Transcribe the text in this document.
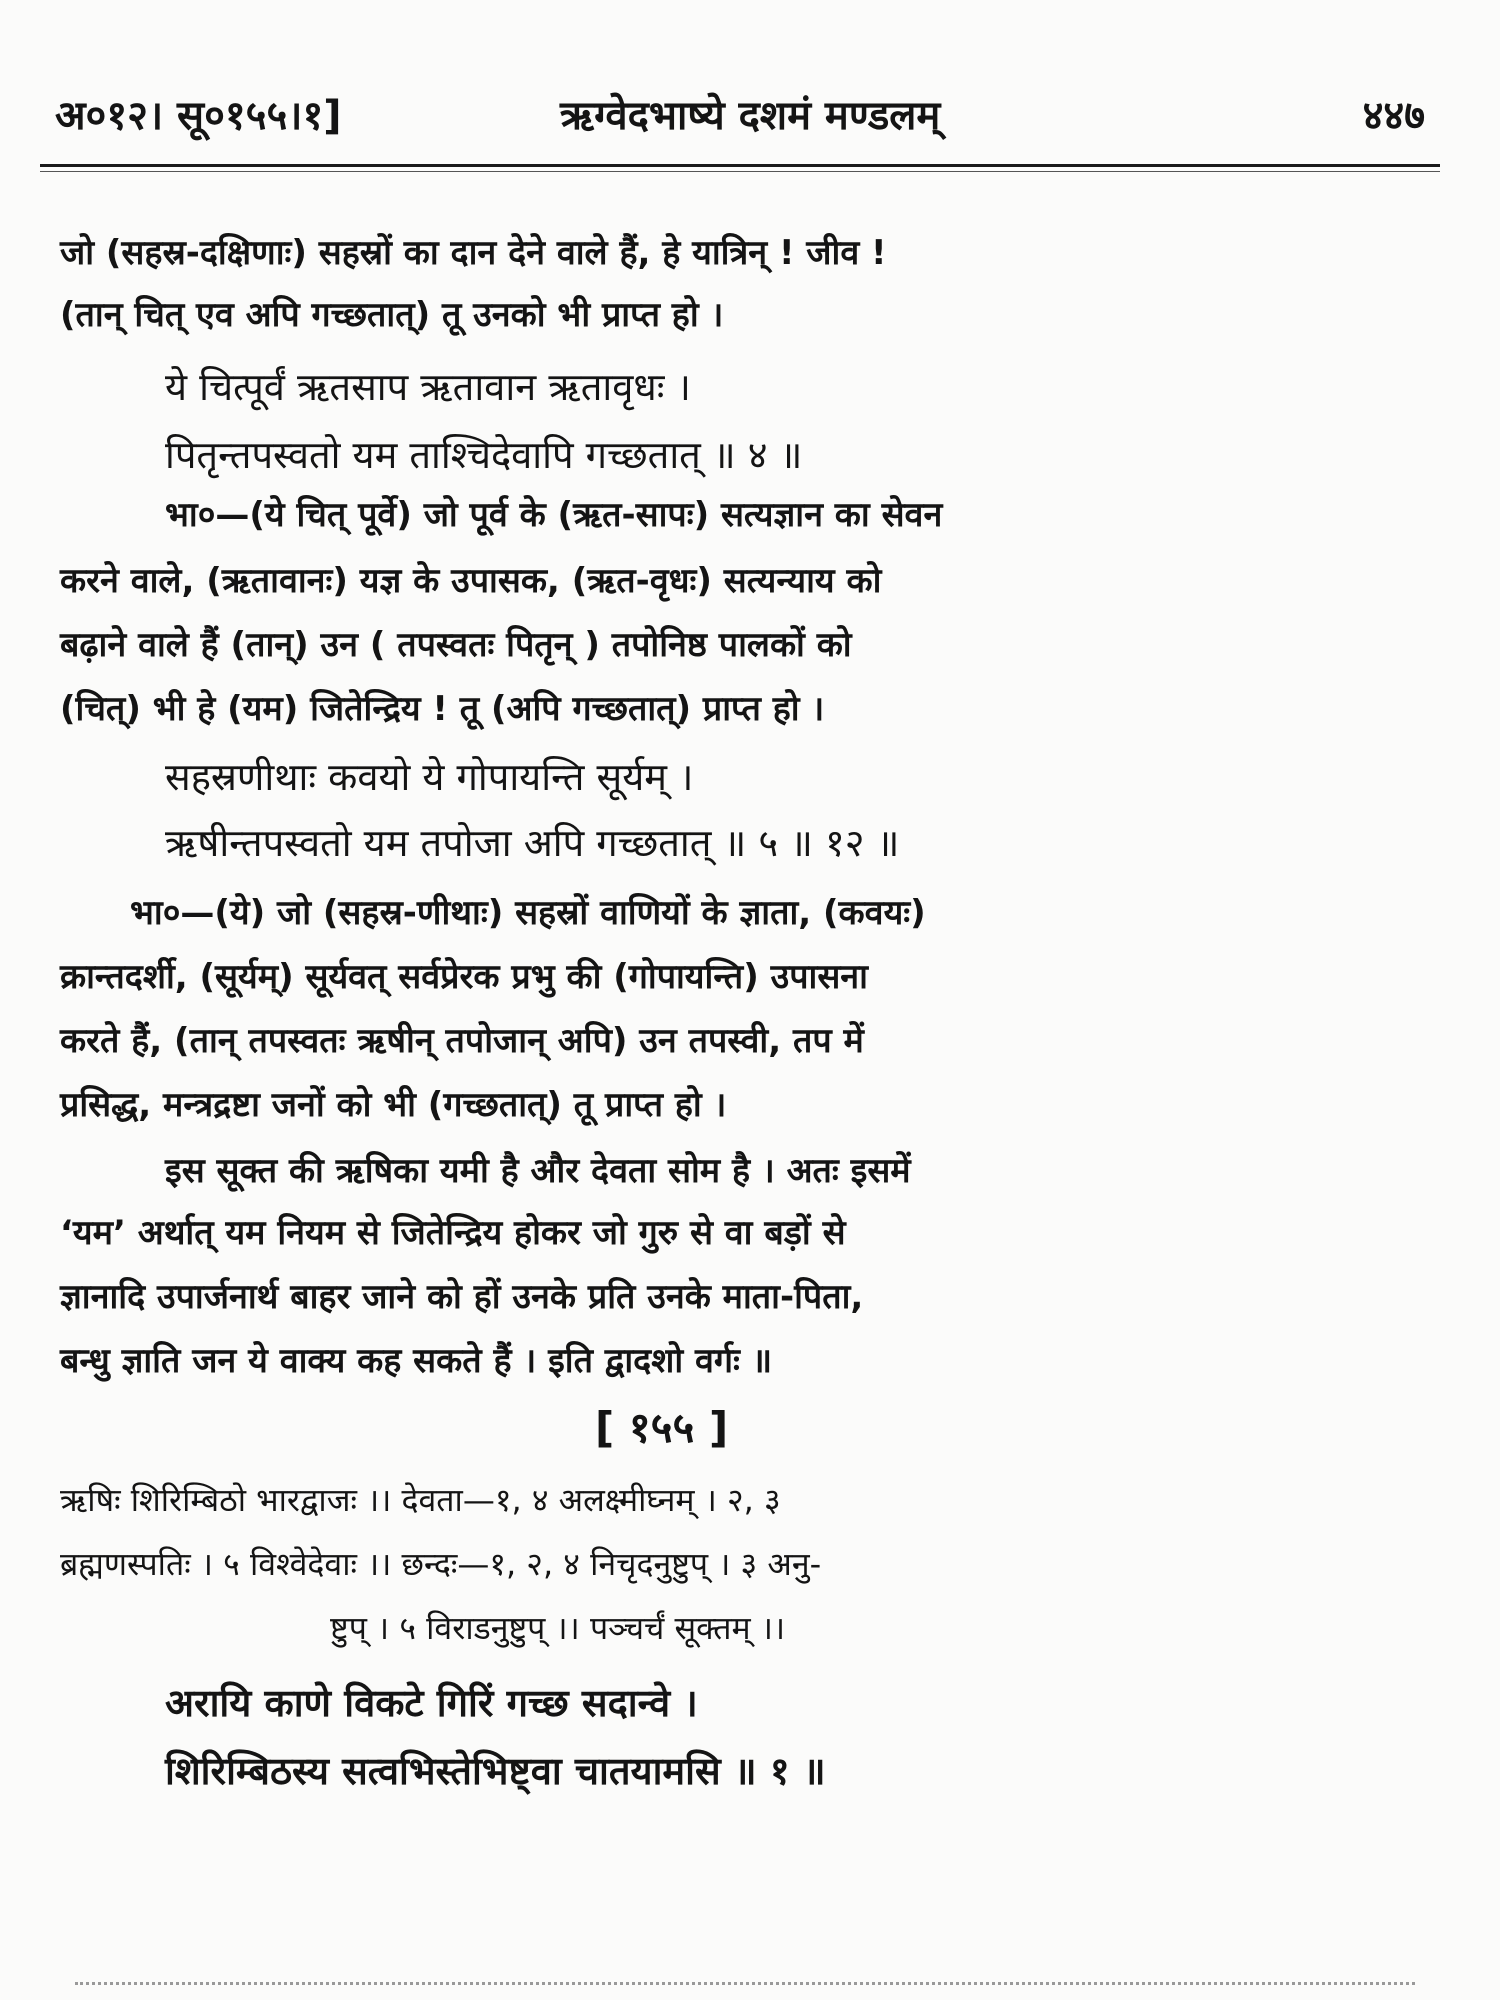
अ०१२। सू०१५५।१]	ऋग्वेदभाष्ये दशमं मण्डलम्	४४७
जो (सहस्र-दक्षिणाः) सहस्रों का दान देने वाले हैं, हे यात्रिन् ! जीव !
(तान् चित् एव अपि गच्छतात्) तू उनको भी प्राप्त हो ।
ये चित्पूर्वं ऋतसाप ऋतावान ऋतावृधः ।
पितृन्तपस्वतो यम ताश्चिदेवापि गच्छतात् ॥ ४ ॥
भा०—(ये चित् पूर्वे) जो पूर्व के (ऋत-सापः) सत्यज्ञान का सेवन
करने वाले, (ऋतावानः) यज्ञ के उपासक, (ऋत-वृधः) सत्यन्याय को
बढ़ाने वाले हैं (तान्) उन ( तपस्वतः पितृन् ) तपोनिष्ठ पालकों को
(चित्) भी हे (यम) जितेन्द्रिय ! तू (अपि गच्छतात्) प्राप्त हो ।
सहस्रणीथाः कवयो ये गोपायन्ति सूर्यम् ।
ऋषीन्तपस्वतो यम तपोजा अपि गच्छतात् ॥ ५ ॥ १२ ॥
भा०—(ये) जो (सहस्र-णीथाः) सहस्रों वाणियों के ज्ञाता, (कवयः)
क्रान्तदर्शी, (सूर्यम्) सूर्यवत् सर्वप्रेरक प्रभु की (गोपायन्ति) उपासना
करते हैं, (तान् तपस्वतः ऋषीन् तपोजान् अपि) उन तपस्वी, तप में
प्रसिद्ध, मन्त्रद्रष्टा जनों को भी (गच्छतात्) तू प्राप्त हो ।
इस सूक्त की ऋषिका यमी है और देवता सोम है । अतः इसमें
‘यम’ अर्थात् यम नियम से जितेन्द्रिय होकर जो गुरु से वा बड़ों से
ज्ञानादि उपार्जनार्थ बाहर जाने को हों उनके प्रति उनके माता-पिता,
बन्धु ज्ञाति जन ये वाक्य कह सकते हैं । इति द्वादशो वर्गः ॥
[ १५५ ]
ऋषिः शिरिम्बिठो भारद्वाजः ।। देवता—१, ४ अलक्ष्मीघ्नम् । २, ३
ब्रह्मणस्पतिः । ५ विश्वेदेवाः ।। छन्दः—१, २, ४ निचृदनुष्टुप् । ३ अनु-
ष्टुप् । ५ विराडनुष्टुप् ।। पञ्चर्चं सूक्तम् ।।
अरायि काणे विकटे गिरिं गच्छ सदान्वे ।
शिरिम्बिठस्य सत्वभिस्तेभिष्ट्वा चातयामसि ॥ १ ॥
